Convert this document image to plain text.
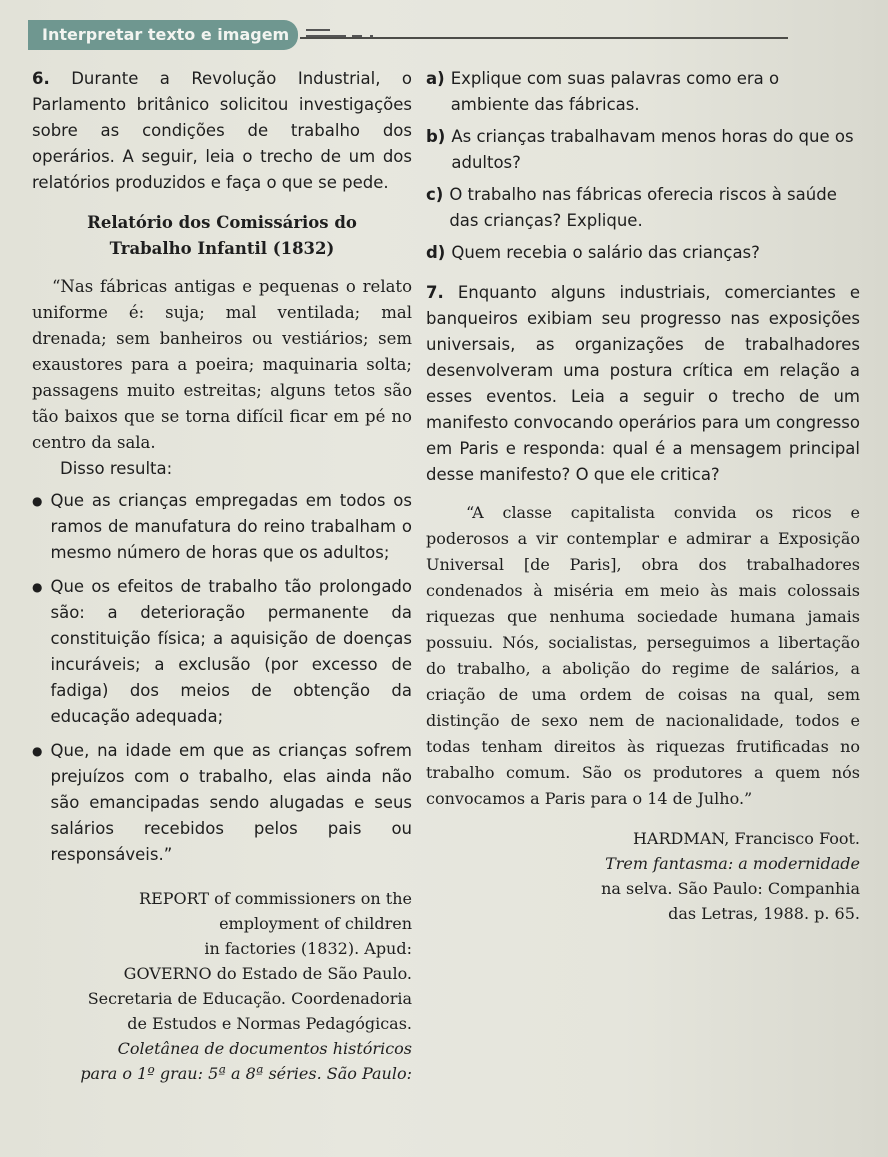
Interpretar texto e imagem

6. Durante a Revolução Industrial, o Parlamento britânico solicitou investigações sobre as condições de trabalho dos operários. A seguir, leia o trecho de um dos relatórios produzidos e faça o que se pede.

Relatório dos Comissários do Trabalho Infantil (1832)

“Nas fábricas antigas e pequenas o relato uniforme é: suja; mal ventilada; mal drenada; sem banheiros ou vestiários; sem exaustores para a poeira; maquinaria solta; passagens muito estreitas; alguns tetos são tão baixos que se torna difícil ficar em pé no centro da sala.

Disso resulta:

● Que as crianças empregadas em todos os ramos de manufatura do reino trabalham o mesmo número de horas que os adultos;
● Que os efeitos de trabalho tão prolongado são: a deterioração permanente da constituição física; a aquisição de doenças incuráveis; a exclusão (por excesso de fadiga) dos meios de obtenção da educação adequada;
● Que, na idade em que as crianças sofrem prejuízos com o trabalho, elas ainda não são emancipadas sendo alugadas e seus salários recebidos pelos pais ou responsáveis.”

REPORT of commissioners on the

employment of children

in factories (1832). Apud:

GOVERNO do Estado de São Paulo.

Secretaria de Educação. Coordenadoria

de Estudos e Normas Pedagógicas.

Coletânea de documentos históricos

para o 1º grau: 5ª a 8ª séries. São Paulo:

a) Explique com suas palavras como era o ambiente das fábricas.
b) As crianças trabalhavam menos horas do que os adultos?
c) O trabalho nas fábricas oferecia riscos à saúde das crianças? Explique.
d) Quem recebia o salário das crianças?

7. Enquanto alguns industriais, comerciantes e banqueiros exibiam seu progresso nas exposições universais, as organizações de trabalhadores desenvolveram uma postura crítica em relação a esses eventos. Leia a seguir o trecho de um manifesto convocando operários para um congresso em Paris e responda: qual é a mensagem principal desse manifesto? O que ele critica?

“A classe capitalista convida os ricos e poderosos a vir contemplar e admirar a Exposição Universal [de Paris], obra dos trabalhadores condenados à miséria em meio às mais colossais riquezas que nenhuma sociedade humana jamais possuiu. Nós, socialistas, perseguimos a libertação do trabalho, a abolição do regime de salários, a criação de uma ordem de coisas na qual, sem distinção de sexo nem de nacionalidade, todos e todas tenham direitos às riquezas frutificadas no trabalho comum. São os produtores a quem nós convocamos a Paris para o 14 de Julho.”

HARDMAN, Francisco Foot.

Trem fantasma: a modernidade

na selva. São Paulo: Companhia

das Letras, 1988. p. 65.
